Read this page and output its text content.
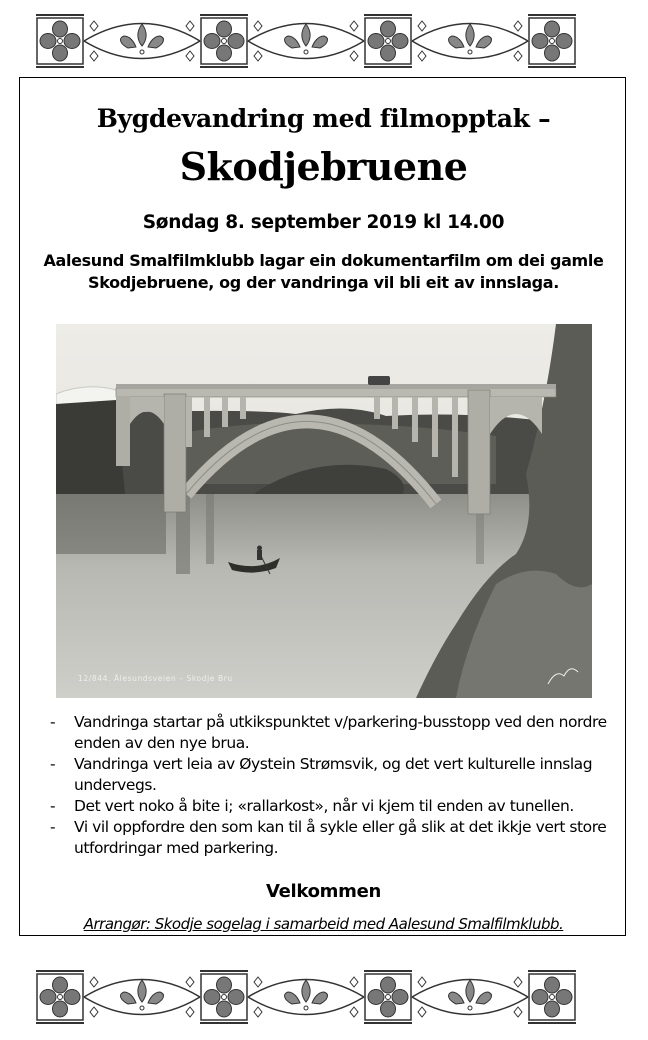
Bygdevandring med filmopptak –
Skodjebruene
Søndag 8. september 2019 kl 14.00
Aalesund Smalfilmklubb lagar ein dokumentarfilm om dei gamle
Skodjebruene, og der vandringa vil bli eit av innslaga.
12/844. Ålesundsveien – Skodje Bru
- Vandringa startar på utkikspunktet v/parkering-busstopp ved den nordre enden av den nye brua.
- Vandringa vert leia av Øystein Strømsvik, og det vert kulturelle innslag undervegs.
- Det vert noko å bite i; «rallarkost», når vi kjem til enden av tunellen.
- Vi vil oppfordre den som kan til å sykle eller gå slik at det ikkje vert store utfordringar med parkering.
Velkommen
Arrangør: Skodje sogelag i samarbeid med Aalesund Smalfilmklubb.
